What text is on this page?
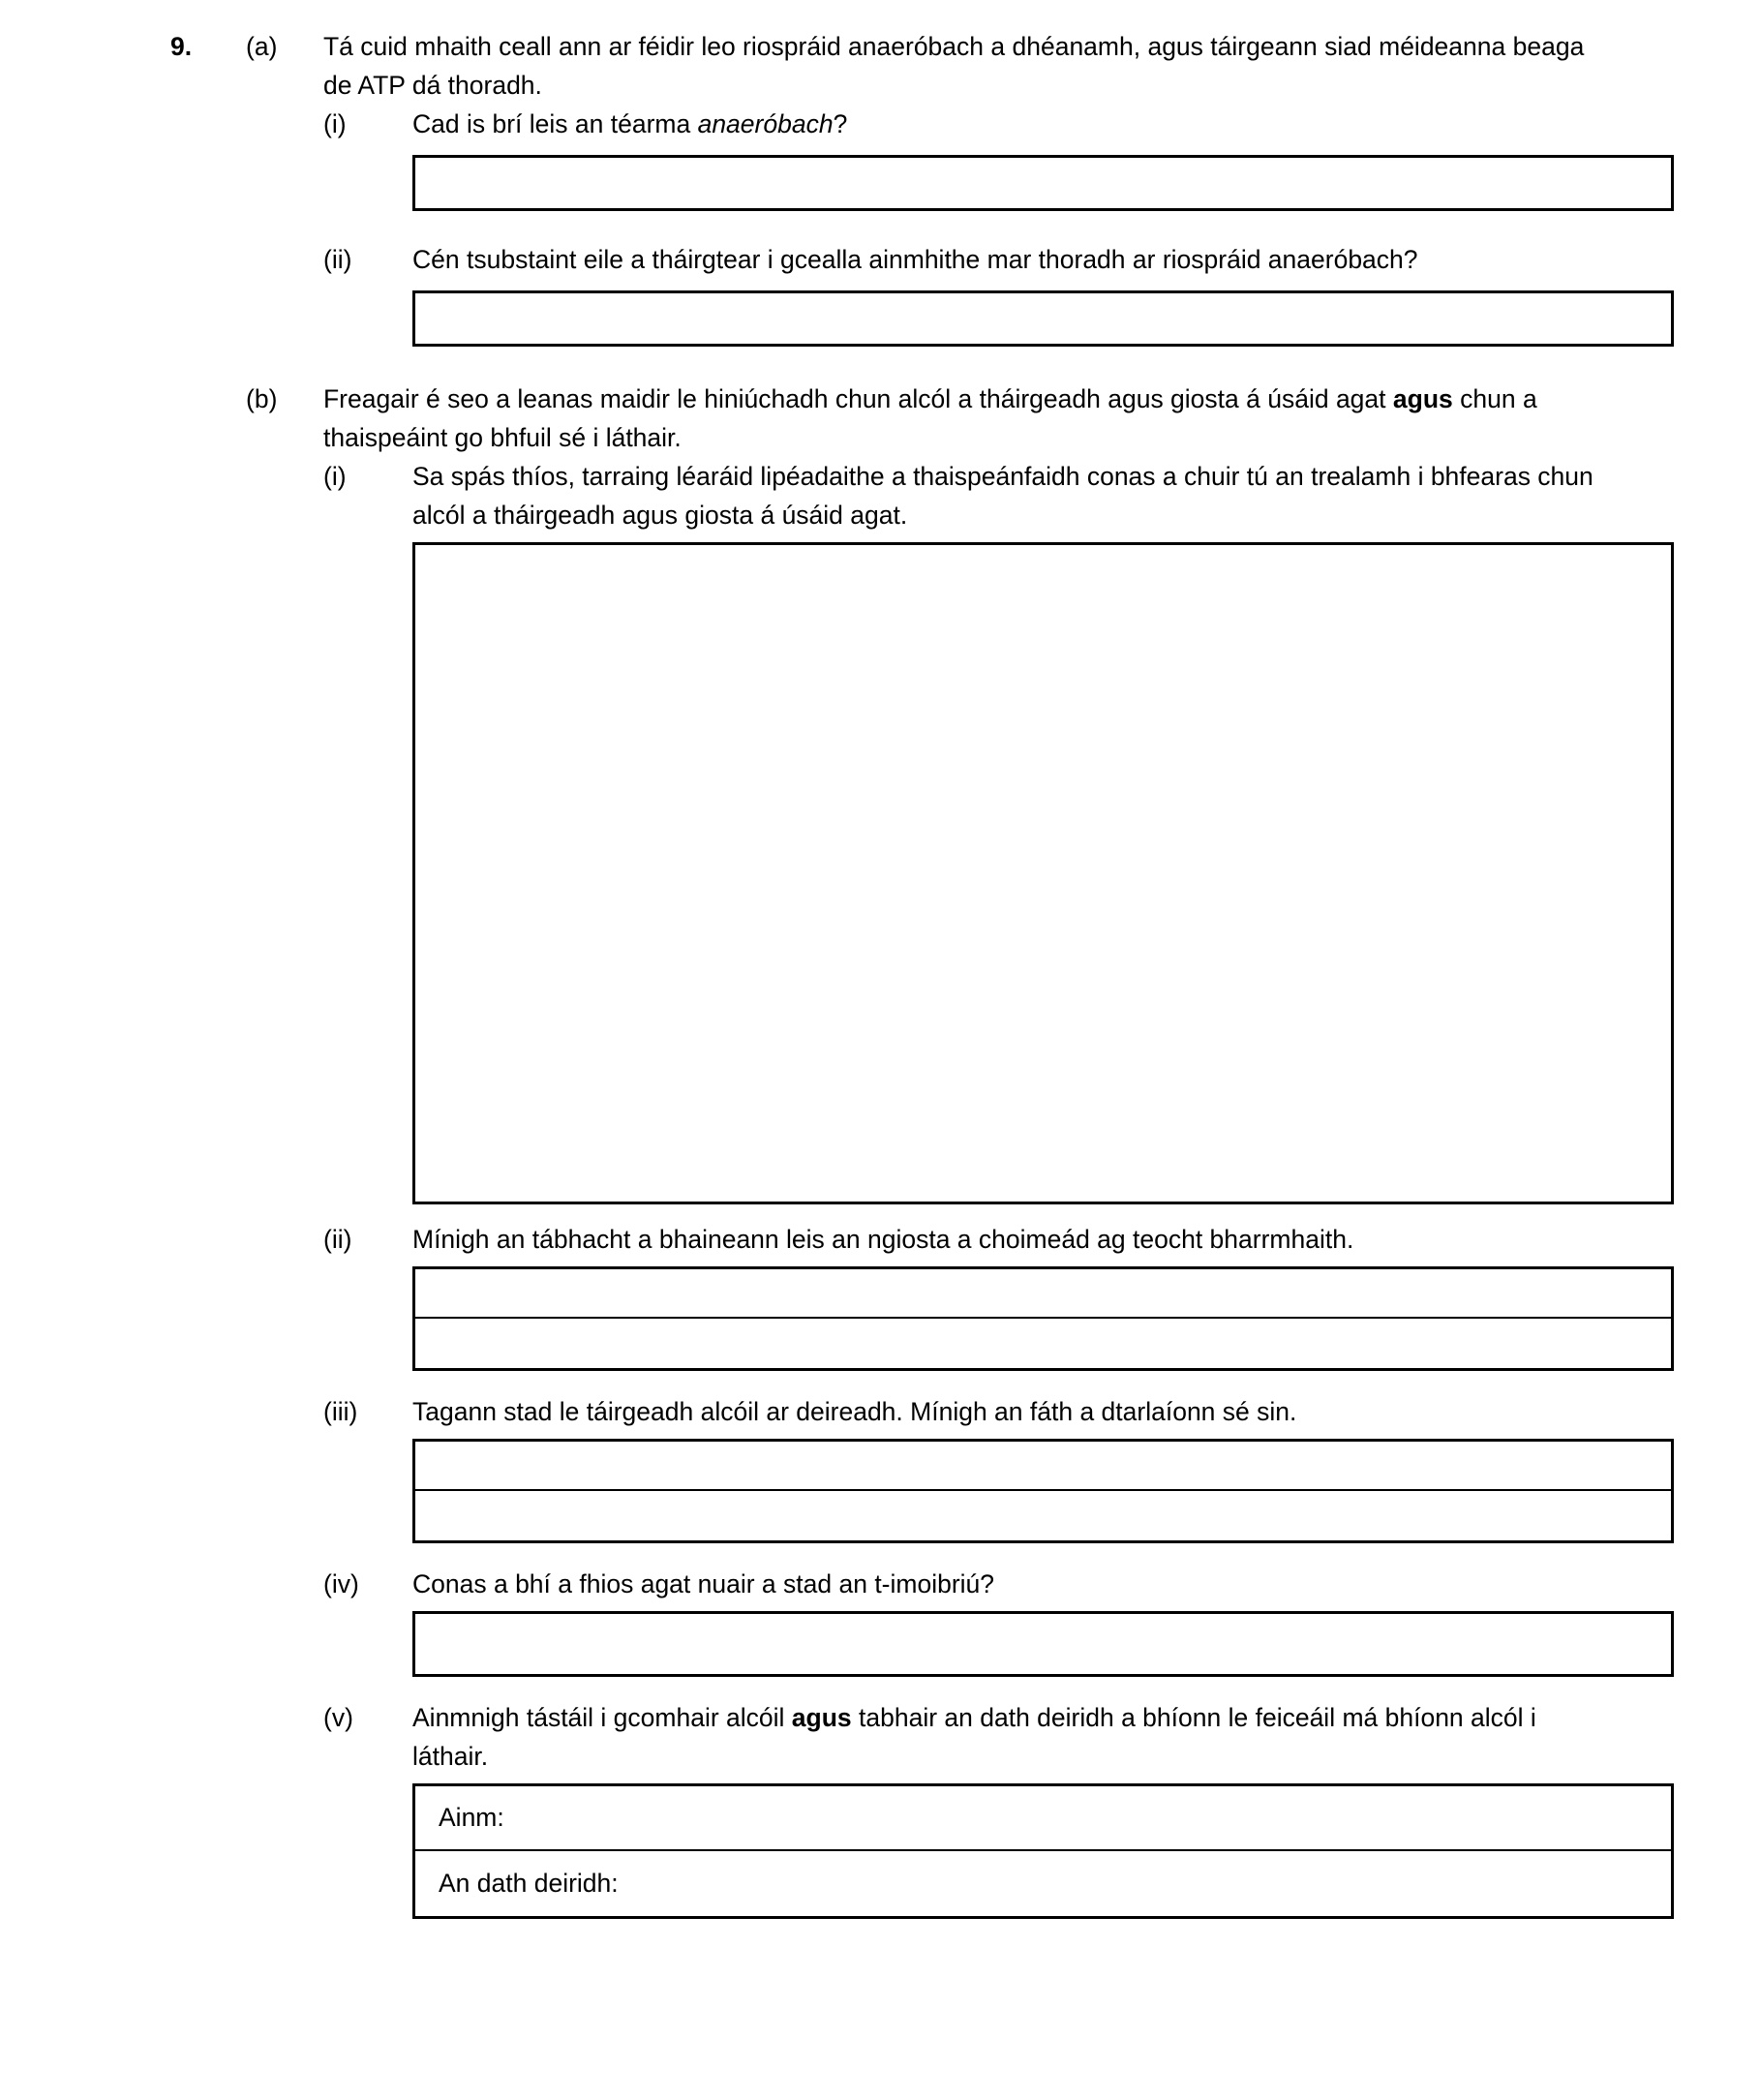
9.	(a)	Tá cuid mhaith ceall ann ar féidir leo riospráid anaeróbach a dhéanamh, agus táirgeann siad méideanna beaga de ATP dá thoradh.

(i)	Cad is brí leis an téarma anaeróbach?

(ii)	Cén tsubstaint eile a tháirgtear i gcealla ainmhithe mar thoradh ar riospráid anaeróbach?

(b)	Freagair é seo a leanas maidir le hiniúchadh chun alcól a tháirgeadh agus giosta á úsáid agat agus chun a thaispeáint go bhfuil sé i láthair.

(i)	Sa spás thíos, tarraing léaráid lipéadaithe a thaispeánfaidh conas a chuir tú an trealamh i bhfearas chun alcól a tháirgeadh agus giosta á úsáid agat.

(ii)	Mínigh an tábhacht a bhaineann leis an ngiosta a choimeád ag teocht bharrmhaith.

(iii)	Tagann stad le táirgeadh alcóil ar deireadh. Mínigh an fáth a dtarlaíonn sé sin.

(iv)	Conas a bhí a fhios agat nuair a stad an t-imoibriú?

(v)	Ainmnigh tástáil i gcomhair alcóil agus tabhair an dath deiridh a bhíonn le feiceáil má bhíonn alcól i láthair.

Ainm:
An dath deiridh:
